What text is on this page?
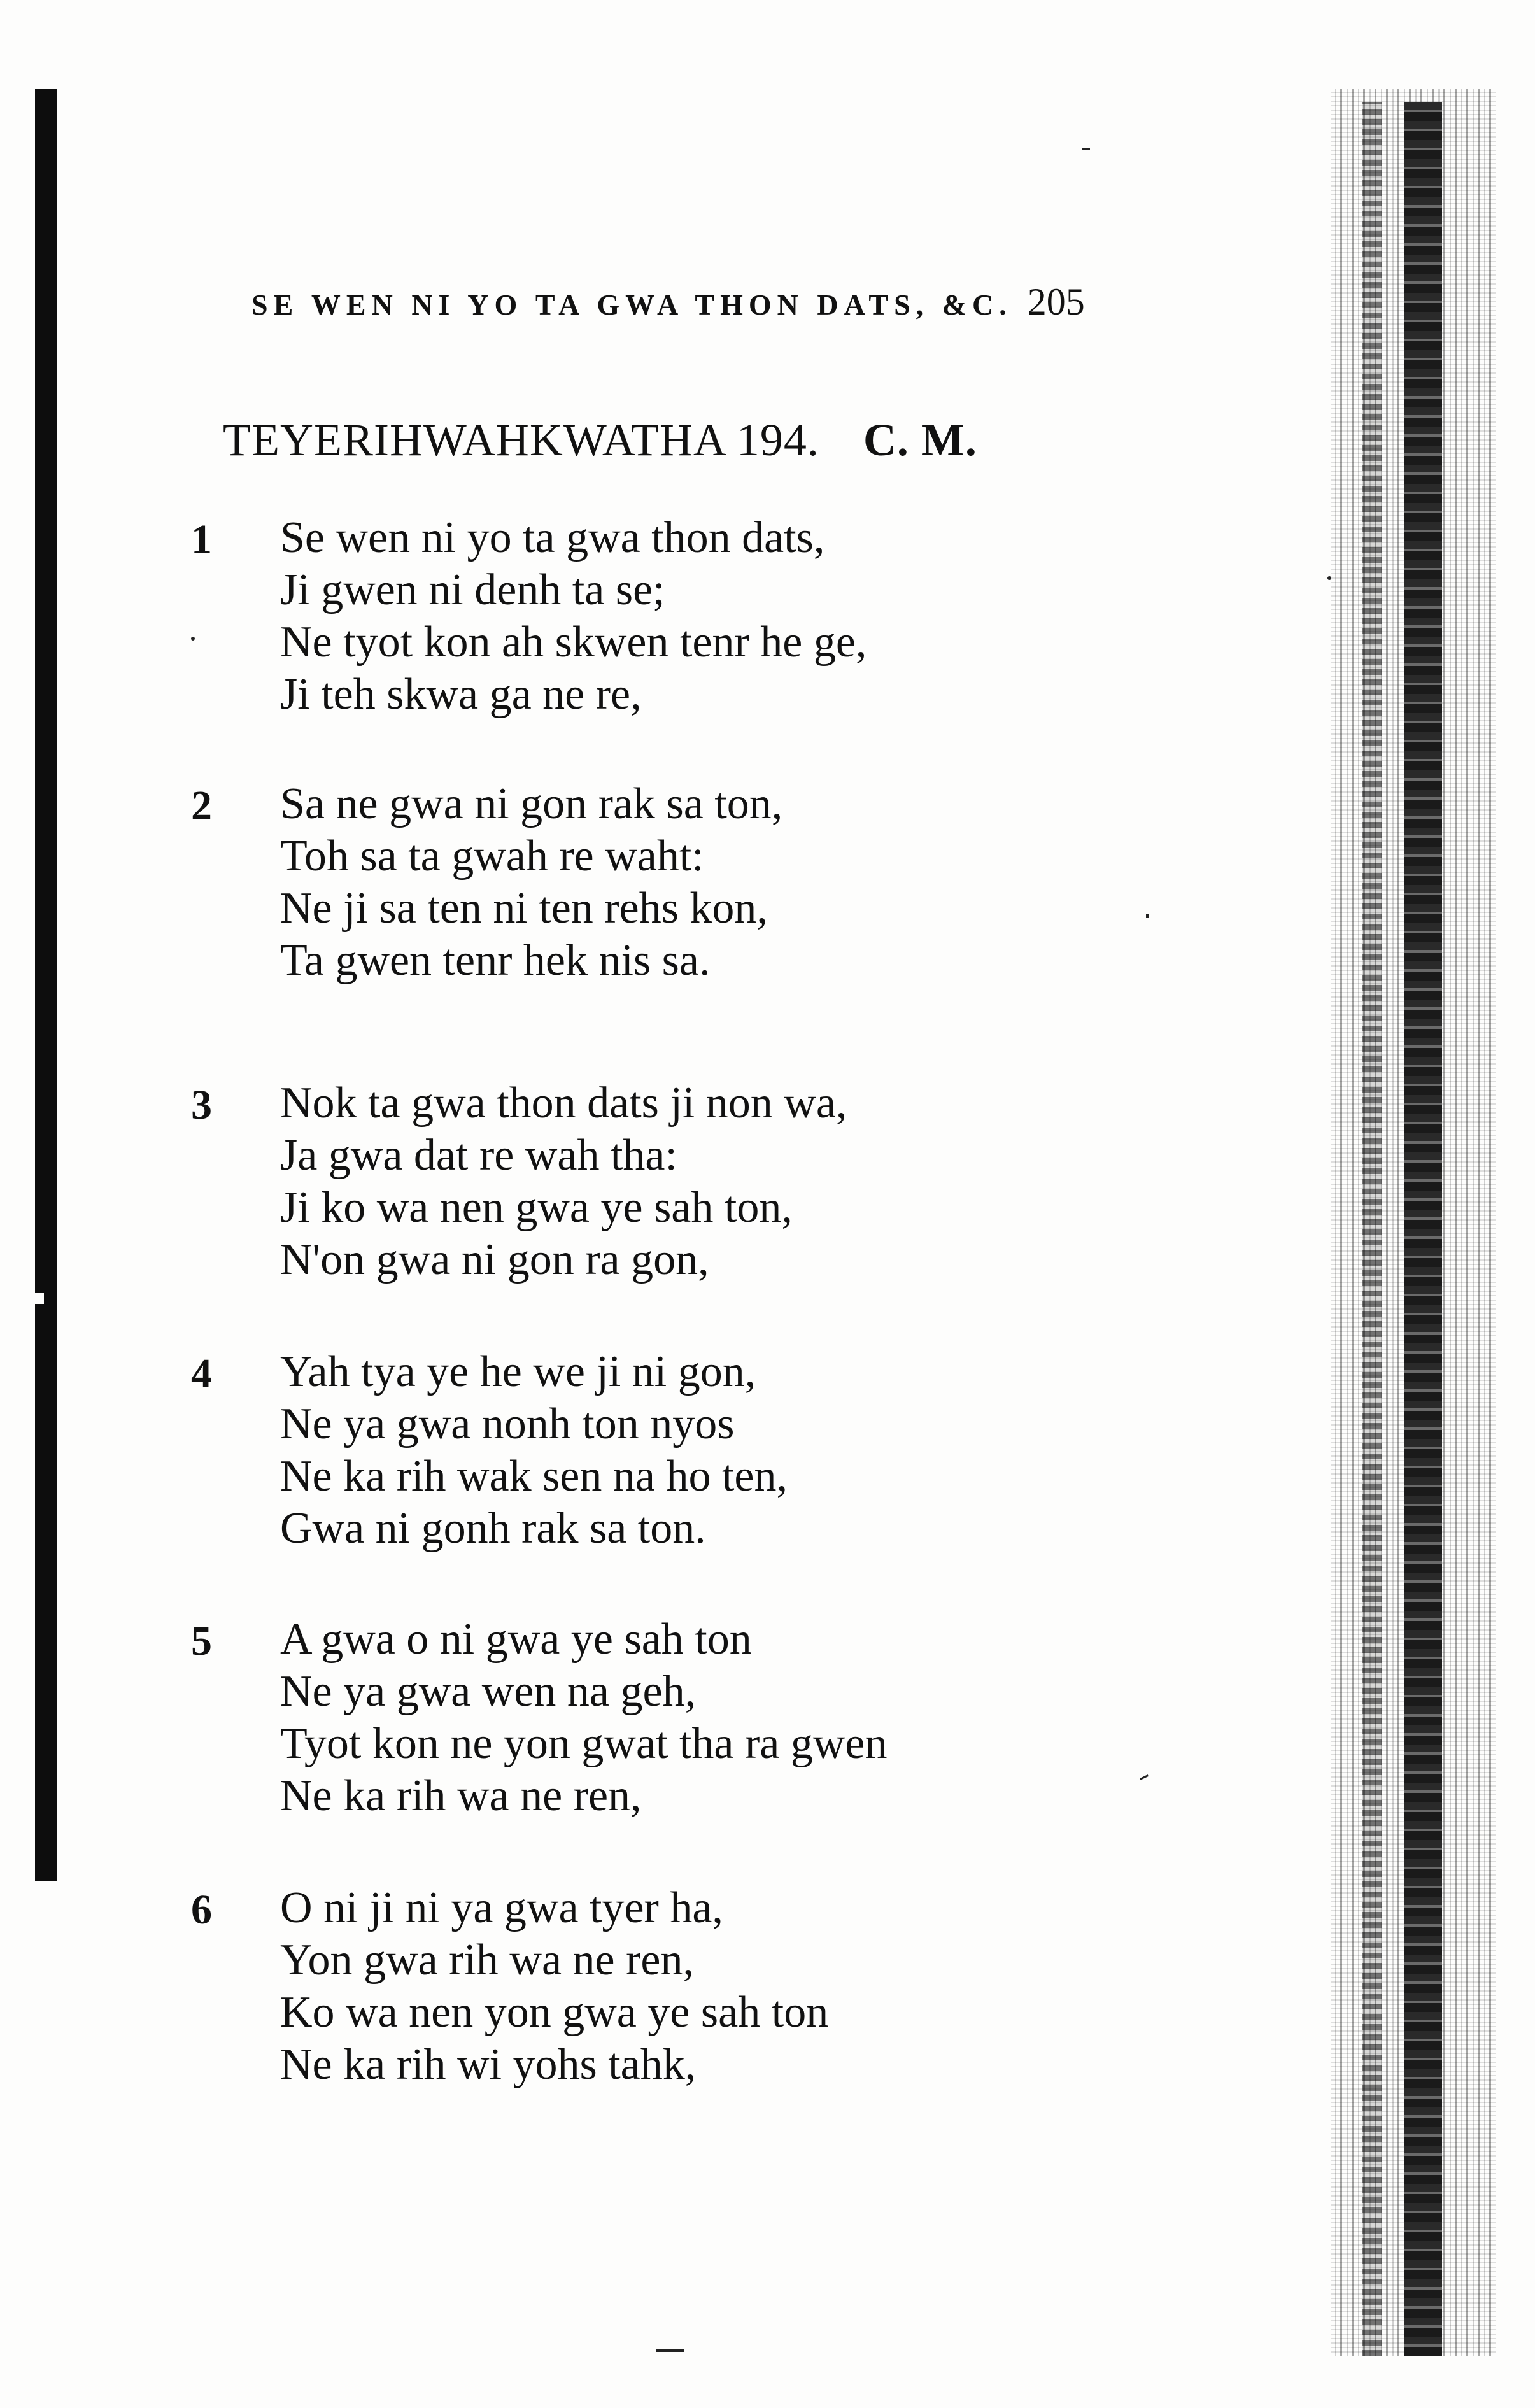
SE WEN NI YO TA GWA THON DATS, &C. 205
TEYERIHWAHKWATHA 194. C. M.
1	Se wen ni yo ta gwa thon dats,
Ji gwen ni denh ta se;
Ne tyot kon ah skwen tenr he ge,
Ji teh skwa ga ne re,
2	Sa ne gwa ni gon rak sa ton,
Toh sa ta gwah re waht:
Ne ji sa ten ni ten rehs kon,
Ta gwen tenr hek nis sa.
3	Nok ta gwa thon dats ji non wa,
Ja gwa dat re wah tha:
Ji ko wa nen gwa ye sah ton,
N'on gwa ni gon ra gon,
4	Yah tya ye he we ji ni gon,
Ne ya gwa nonh ton nyos
Ne ka rih wak sen na ho ten,
Gwa ni gonh rak sa ton.
5	A gwa o ni gwa ye sah ton
Ne ya gwa wen na geh,
Tyot kon ne yon gwat tha ra gwen
Ne ka rih wa ne ren,
6	O ni ji ni ya gwa tyer ha,
Yon gwa rih wa ne ren,
Ko wa nen yon gwa ye sah ton
Ne ka rih wi yohs tahk,
